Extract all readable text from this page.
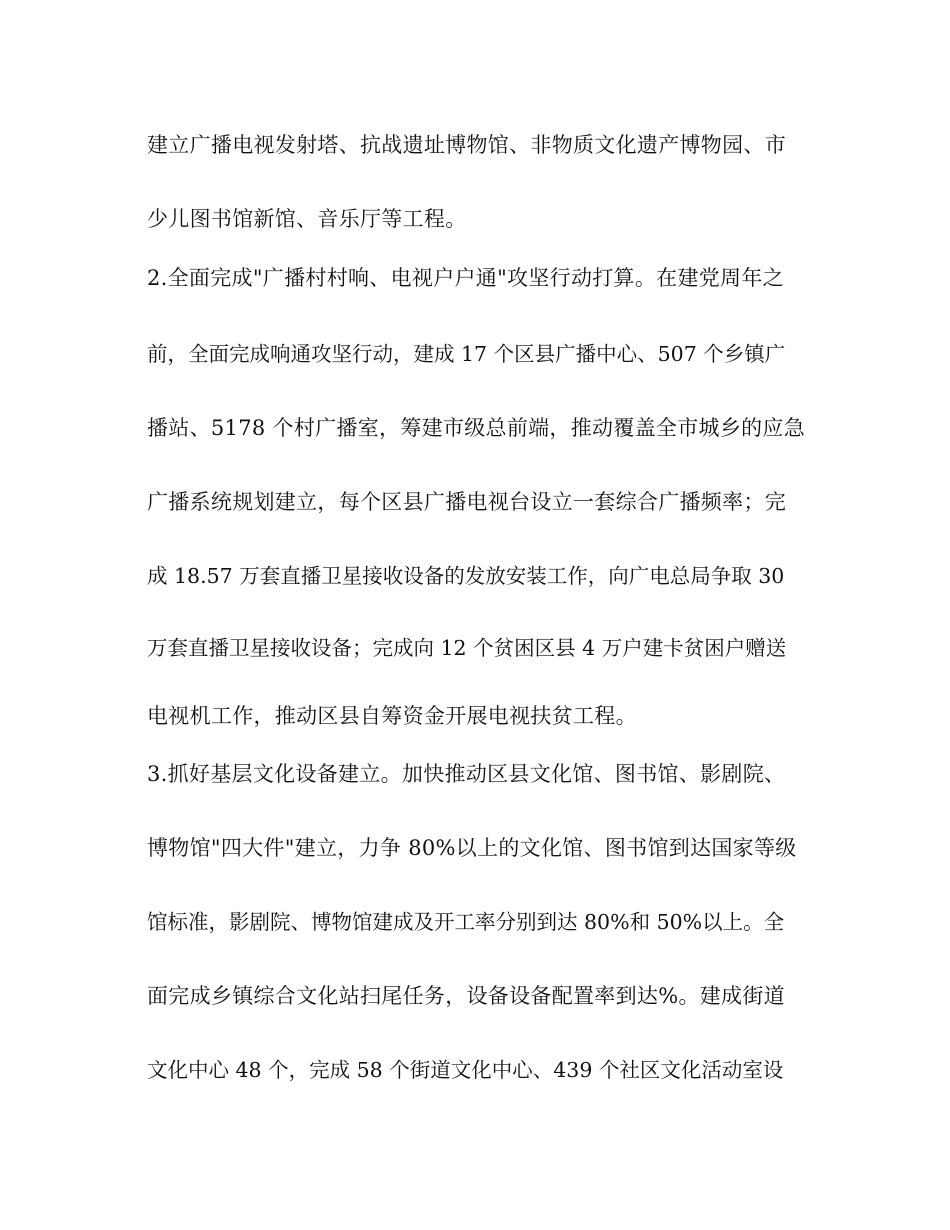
建立广播电视发射塔、抗战遗址博物馆、非物质文化遗产博物园、市
少儿图书馆新馆、音乐厅等工程。
2.全面完成"广播村村响、电视户户通"攻坚行动打算。在建党周年之
前，全面完成响通攻坚行动，建成 17 个区县广播中心、507 个乡镇广
播站、5178 个村广播室，筹建市级总前端，推动覆盖全市城乡的应急
广播系统规划建立，每个区县广播电视台设立一套综合广播频率；完
成 18.57 万套直播卫星接收设备的发放安装工作，向广电总局争取 30
万套直播卫星接收设备；完成向 12 个贫困区县 4 万户建卡贫困户赠送
电视机工作，推动区县自筹资金开展电视扶贫工程。
3.抓好基层文化设备建立。加快推动区县文化馆、图书馆、影剧院、
博物馆"四大件"建立，力争 80%以上的文化馆、图书馆到达国家等级
馆标准，影剧院、博物馆建成及开工率分别到达 80%和 50%以上。全
面完成乡镇综合文化站扫尾任务，设备设备配置率到达%。建成街道
文化中心 48 个，完成 58 个街道文化中心、439 个社区文化活动室设
